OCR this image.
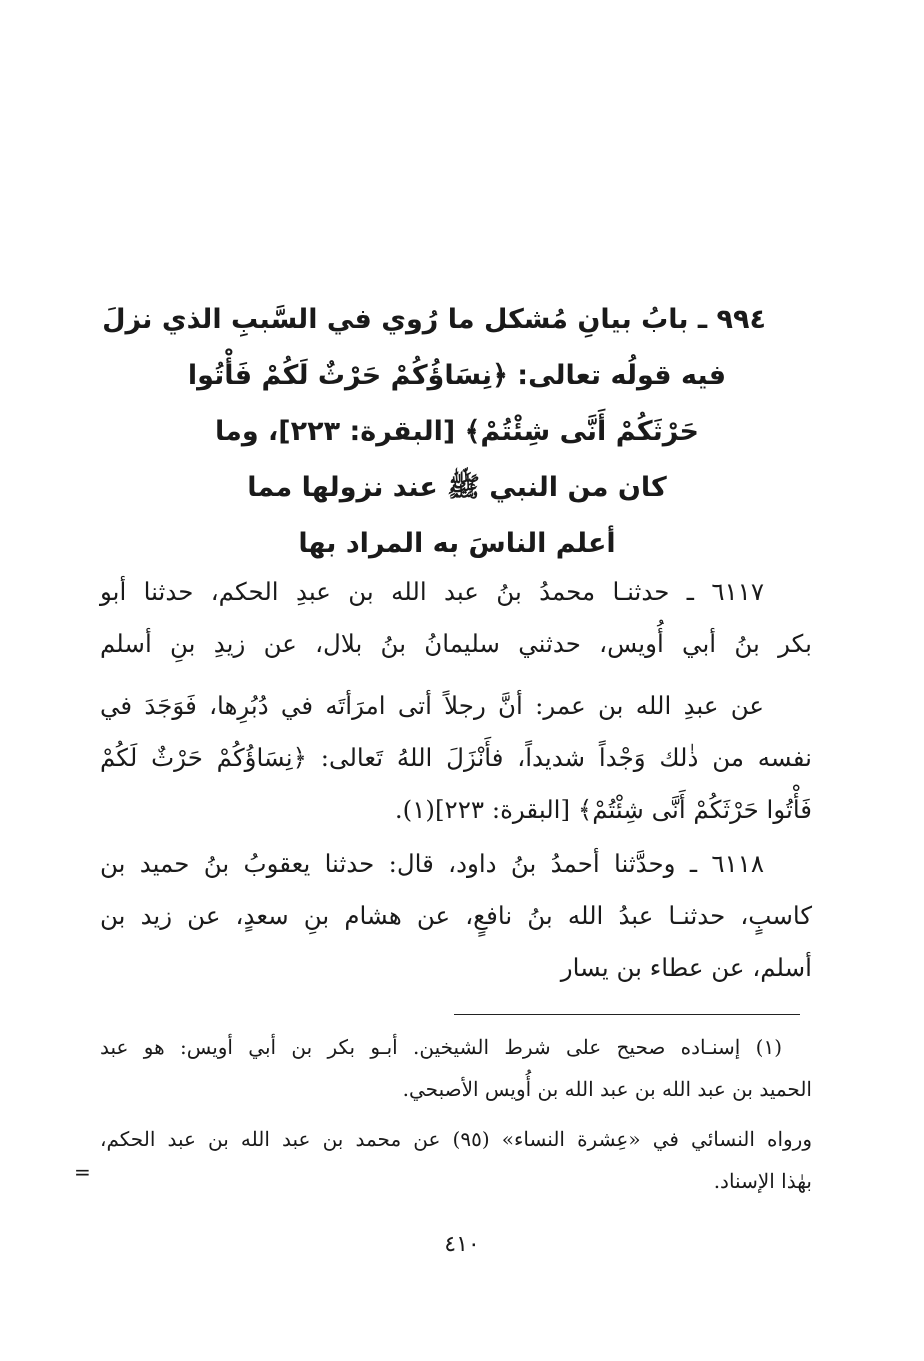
٩٩٤ ـ بابُ بيانِ مُشكل ما رُوي في السَّببِ الذي نزلَ
فيه قولُه تعالى: ﴿نِسَاؤُكُمْ حَرْثٌ لَكُمْ فَأْتُوا
حَرْثَكُمْ أَنَّى شِئْتُمْ﴾ [البقرة: ٢٢٣]، وما
كان من النبي ﷺ عند نزولها مما
أعلم الناسَ به المراد بها
٦١١٧ ـ حدثنـا محمدُ بنُ عبد الله بن عبدِ الحكم، حدثنا أبو
بكر بنُ أبي أُويس، حدثني سليمانُ بنُ بلال، عن زيدِ بنِ أسلم
عن عبدِ الله بن عمر: أنَّ رجلاً أتى امرَأتَه في دُبُرِها، فَوَجَدَ في
نفسه من ذٰلك وَجْداً شديداً، فأَنْزَلَ اللهُ تَعالى: ﴿نِسَاؤُكُمْ حَرْثٌ لَكُمْ
فَأْتُوا حَرْثَكُمْ أَنَّى شِئْتُمْ﴾ [البقرة: ٢٢٣](١).
٦١١٨ ـ وحدَّثنا أحمدُ بنُ داود، قال: حدثنا يعقوبُ بنُ حميد بن
كاسبٍ، حدثنـا عبدُ الله بنُ نافعٍ، عن هشام بنِ سعدٍ، عن زيد بن
أسلم، عن عطاء بن يسار
(١) إسنـاده صحيح على شرط الشيخين. أبـو بكر بن أبي أويس: هو عبد
الحميد بن عبد الله بن عبد الله بن أُويس الأصبحي.
ورواه النسائي في «عِشرة النساء» (٩٥) عن محمد بن عبد الله بن عبد الحكم،
بهٰذا الإسناد.
=
٤١٠
